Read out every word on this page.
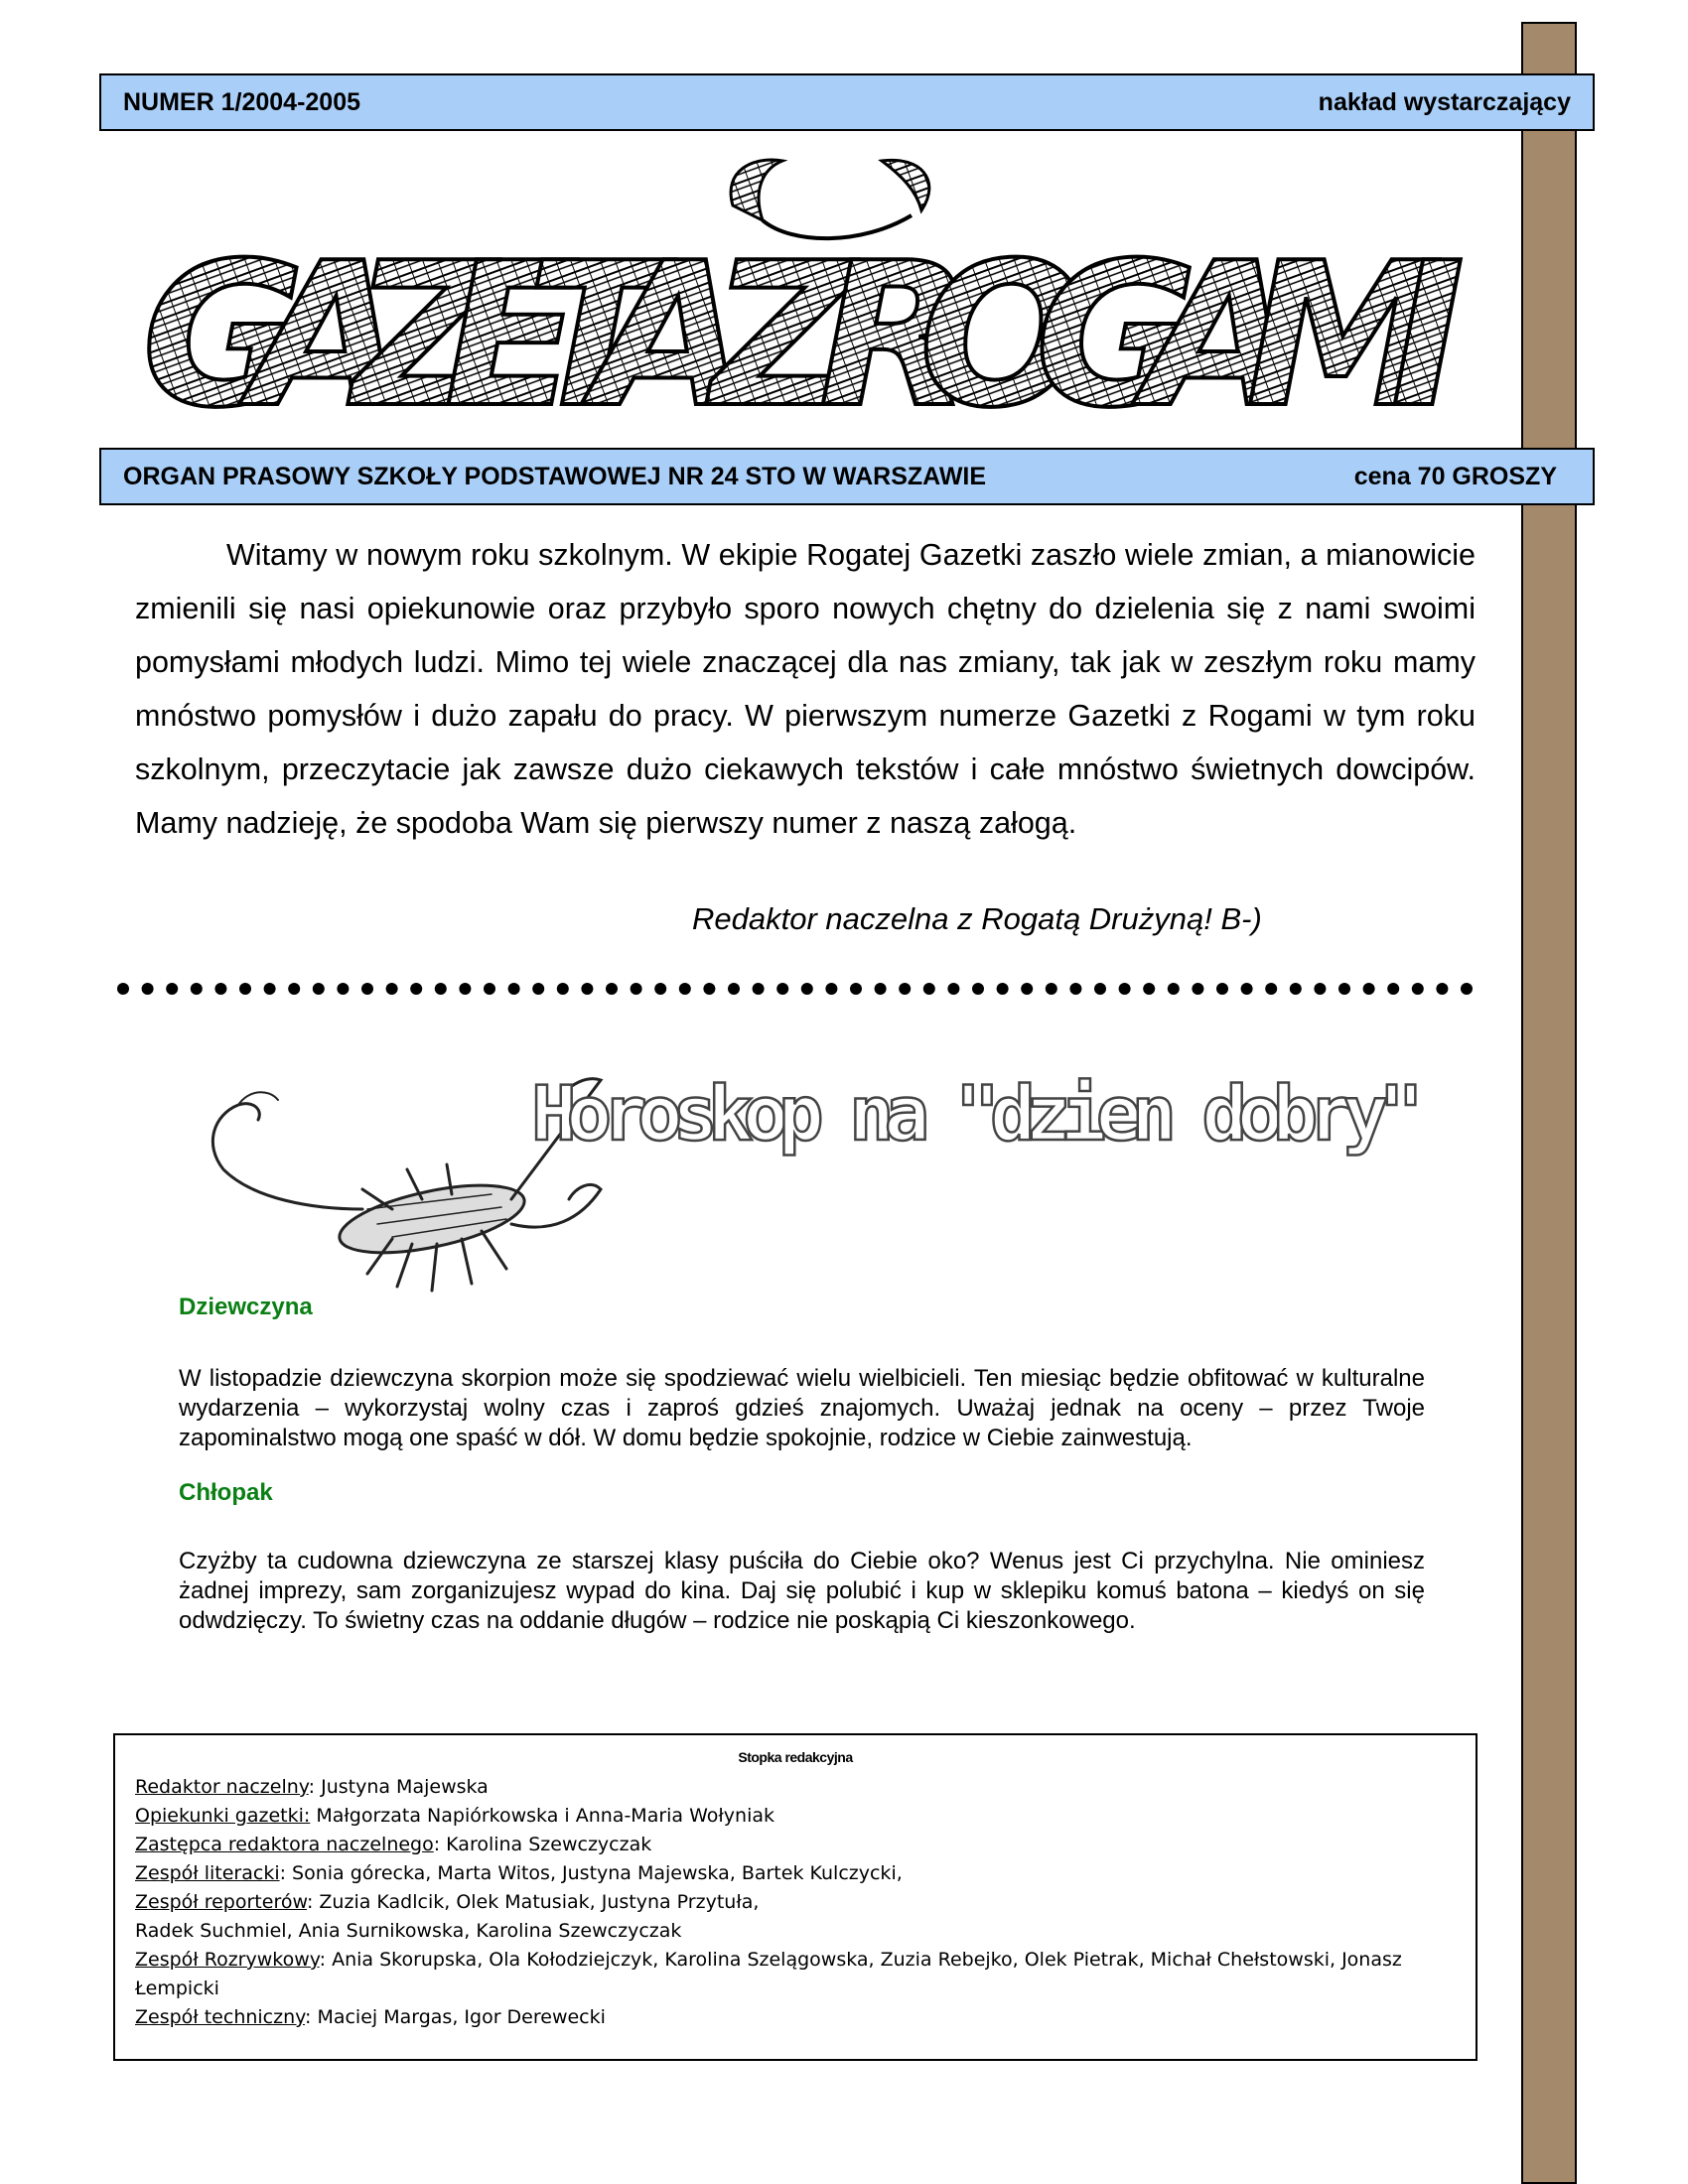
NUMER 1/2004-2005	nakład wystarczający
GAZETA Z ROGAMI
ORGAN PRASOWY SZKOŁY PODSTAWOWEJ NR 24 STO W WARSZAWIE	cena 70 GROSZY

Witamy w nowym roku szkolnym. W ekipie Rogatej Gazetki zaszło wiele zmian, a mianowicie zmienili się nasi opiekunowie oraz przybyło sporo nowych chętny do dzielenia się z nami swoimi pomysłami młodych ludzi. Mimo tej wiele znaczącej dla nas zmiany, tak jak w zeszłym roku mamy mnóstwo pomysłów i dużo zapału do pracy. W pierwszym numerze Gazetki z Rogami w tym roku szkolnym, przeczytacie jak zawsze dużo ciekawych tekstów i całe mnóstwo świetnych dowcipów. Mamy nadzieję, że spodoba Wam się pierwszy numer z naszą załogą.

Redaktor naczelna z Rogatą Drużyną! B-)
Horoskop na "dzien dobry"
Dziewczyna

W listopadzie dziewczyna skorpion może się spodziewać wielu wielbicieli. Ten miesiąc będzie obfitować w kulturalne wydarzenia – wykorzystaj wolny czas i zaproś gdzieś znajomych. Uważaj jednak na oceny – przez Twoje zapominalstwo mogą one spaść w dół. W domu będzie spokojnie, rodzice w Ciebie zainwestują.

Chłopak

Czyżby ta cudowna dziewczyna ze starszej klasy puściła do Ciebie oko? Wenus jest Ci przychylna. Nie ominiesz żadnej imprezy, sam zorganizujesz wypad do kina. Daj się polubić i kup w sklepiku komuś batona – kiedyś on się odwdzięczy. To świetny czas na oddanie długów – rodzice nie poskąpią Ci kieszonkowego.

Stopka redakcyjna
Redaktor naczelny: Justyna Majewska
Opiekunki gazetki: Małgorzata Napiórkowska i Anna-Maria Wołyniak
Zastępca redaktora naczelnego: Karolina Szewczyczak
Zespół literacki: Sonia górecka, Marta Witos, Justyna Majewska, Bartek Kulczycki,
Zespół reporterów: Zuzia Kadlcik, Olek Matusiak, Justyna Przytuła,
Radek Suchmiel, Ania Surnikowska, Karolina Szewczyczak
Zespół Rozrywkowy: Ania Skorupska, Ola Kołodziejczyk, Karolina Szelągowska, Zuzia Rebejko, Olek Pietrak, Michał Chełstowski, Jonasz
Łempicki
Zespół techniczny: Maciej Margas, Igor Derewecki
